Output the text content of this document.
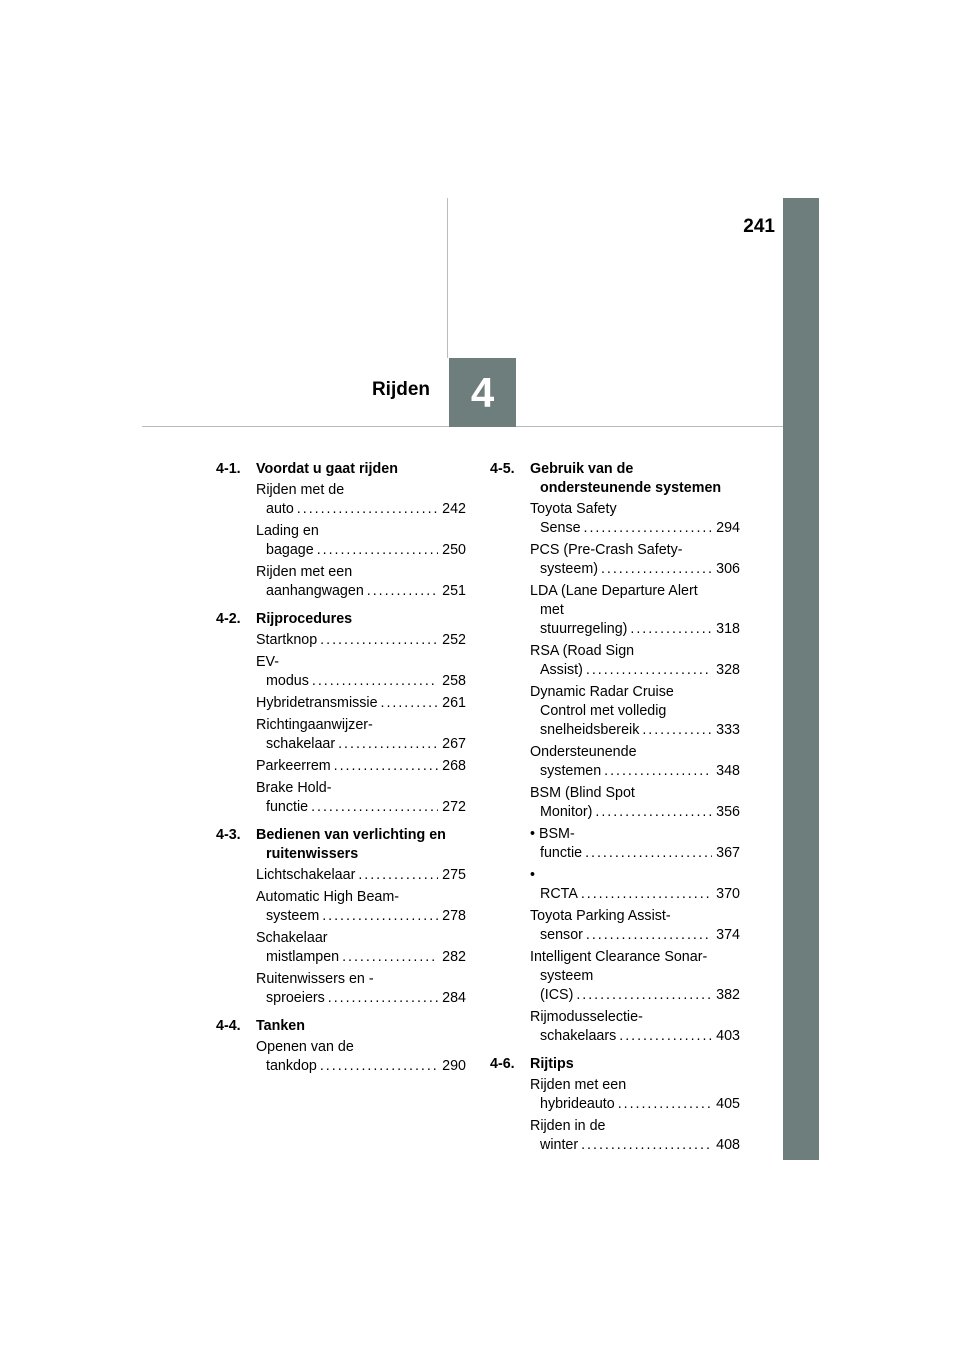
241
4
Rijden
4-1.	Voordat u gaat rijden
Rijden met de auto . . .	242
Lading en bagage . . .	250
Rijden met een aanhangwagen . . .	251
4-2.	Rijprocedures
Startknop . . .	252
EV-modus . . .	258
Hybridetransmissie . . .	261
Richtingaanwijzer-schakelaar . . .	267
Parkeerrem . . .	268
Brake Hold-functie . . .	272
4-3.	Bedienen van verlichting en ruitenwissers
Lichtschakelaar . . .	275
Automatic High Beam-systeem . . .	278
Schakelaar mistlampen . . .	282
Ruitenwissers en -sproeiers . . .	284
4-4.	Tanken
Openen van de tankdop . . .	290
4-5.	Gebruik van de ondersteunende systemen
Toyota Safety Sense . . .	294
PCS (Pre-Crash Safety-systeem) . . .	306
LDA (Lane Departure Alert met stuurregeling) . . .	318
RSA (Road Sign Assist) . . .	328
Dynamic Radar Cruise Control met volledig snelheidsbereik . . .	333
Ondersteunende systemen . . .	348
BSM (Blind Spot Monitor) . . .	356
• BSM-functie . . .	367
• RCTA . . .	370
Toyota Parking Assist-sensor . . .	374
Intelligent Clearance Sonar-systeem (ICS) . . .	382
Rijmodusselectie-schakelaars . . .	403
4-6.	Rijtips
Rijden met een hybrideauto . . .	405
Rijden in de winter . . .	408
